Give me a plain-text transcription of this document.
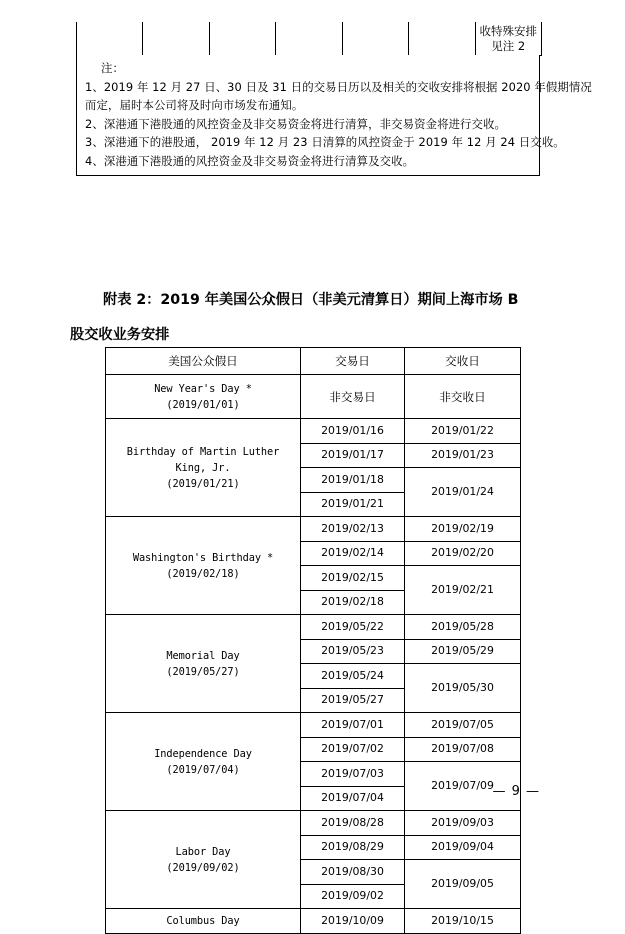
收特殊安排
见注 2
注：
1、2019 年 12 月 27 日、30 日及 31 日的交易日历以及相关的交收安排将根据 2020 年假期情况
而定，届时本公司将及时向市场发布通知。
2、深港通下港股通的风控资金及非交易资金将进行清算，非交易资金将进行交收。
3、深港通下的港股通， 2019 年 12 月 23 日清算的风控资金于 2019 年 12 月 24 日交收。
4、深港通下港股通的风控资金及非交易资金将进行清算及交收。
附表 2：2019 年美国公众假日（非美元清算日）期间上海市场 B
股交收业务安排
美国公众假日	交易日	交收日

New Year's Day *
(2019/01/01)	非交易日	非交收日

Birthday of Martin Luther
King, Jr.
(2019/01/21)	2019/01/16	2019/01/22
	2019/01/17	2019/01/23
	2019/01/18	2019/01/24
	2019/01/21	

Washington's Birthday *
(2019/02/18)	2019/02/13	2019/02/19
	2019/02/14	2019/02/20
	2019/02/15	2019/02/21
	2019/02/18	

Memorial Day
(2019/05/27)	2019/05/22	2019/05/28
	2019/05/23	2019/05/29
	2019/05/24	2019/05/30
	2019/05/27	

Independence Day
(2019/07/04)	2019/07/01	2019/07/05
	2019/07/02	2019/07/08
	2019/07/03	2019/07/09
	2019/07/04	

Labor Day
(2019/09/02)	2019/08/28	2019/09/03
	2019/08/29	2019/09/04
	2019/08/30	2019/09/05
	2019/09/02	

Columbus Day	2019/10/09	2019/10/15
— 9 —
